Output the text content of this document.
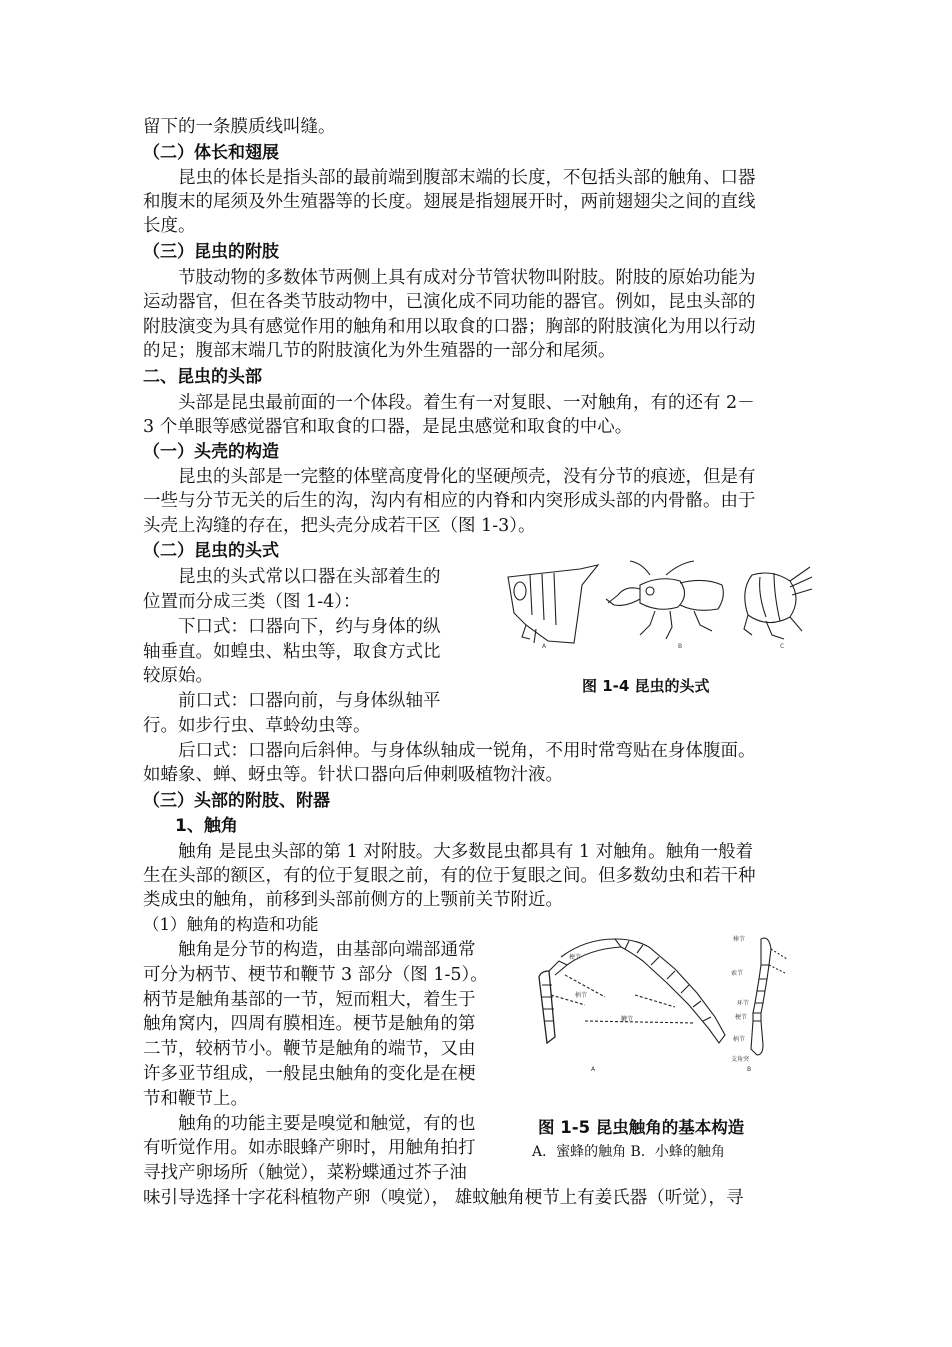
留下的一条膜质线叫缝。
（二）体长和翅展
昆虫的体长是指头部的最前端到腹部末端的长度，不包括头部的触角、口器
和腹末的尾须及外生殖器等的长度。翅展是指翅展开时，两前翅翅尖之间的直线
长度。
（三）昆虫的附肢
节肢动物的多数体节两侧上具有成对分节管状物叫附肢。附肢的原始功能为
运动器官，但在各类节肢动物中，已演化成不同功能的器官。例如，昆虫头部的
附肢演变为具有感觉作用的触角和用以取食的口器；胸部的附肢演化为用以行动
的足；腹部末端几节的附肢演化为外生殖器的一部分和尾须。
二、昆虫的头部
头部是昆虫最前面的一个体段。着生有一对复眼、一对触角，有的还有 2－
3 个单眼等感觉器官和取食的口器，是昆虫感觉和取食的中心。
（一）头壳的构造
昆虫的头部是一完整的体壁高度骨化的坚硬颅壳，没有分节的痕迹，但是有
一些与分节无关的后生的沟，沟内有相应的内脊和内突形成头部的内骨骼。由于
头壳上沟缝的存在，把头壳分成若干区（图 1-3）。
（二）昆虫的头式
昆虫的头式常以口器在头部着生的
位置而分成三类（图 1-4）：
下口式：口器向下，约与身体的纵
轴垂直。如蝗虫、粘虫等，取食方式比
较原始。
前口式：口器向前，与身体纵轴平
行。如步行虫、草蛉幼虫等。
后口式：口器向后斜伸。与身体纵轴成一锐角，不用时常弯贴在身体腹面。
如蝽象、蝉、蚜虫等。针状口器向后伸刺吸植物汁液。
（三）头部的附肢、附器
1、触角
触角 是昆虫头部的第 1 对附肢。大多数昆虫都具有 1 对触角。触角一般着
生在头部的额区，有的位于复眼之前，有的位于复眼之间。但多数幼虫和若干种
类成虫的触角，前移到头部前侧方的上颚前关节附近。
（1）触角的构造和功能
触角是分节的构造，由基部向端部通常
可分为柄节、梗节和鞭节 3 部分（图 1-5）。
柄节是触角基部的一节，短而粗大，着生于
触角窝内，四周有膜相连。梗节是触角的第
二节，较柄节小。鞭节是触角的端节，又由
许多亚节组成，一般昆虫触角的变化是在梗
节和鞭节上。
触角的功能主要是嗅觉和触觉，有的也
有听觉作用。如赤眼蜂产卵时，用触角拍打
寻找产卵场所（触觉），菜粉蝶通过芥子油
味引导选择十字花科植物产卵（嗅觉）， 雄蚊触角梗节上有姜氏器（听觉），寻
A	B	C
图 1-4 昆虫的头式
梗节
柄节
鞭节
棒节
索节
环节
梗节
柄节
支角突
A	B
图 1-5 昆虫触角的基本构造
A．蜜蜂的触角 B．小蜂的触角
